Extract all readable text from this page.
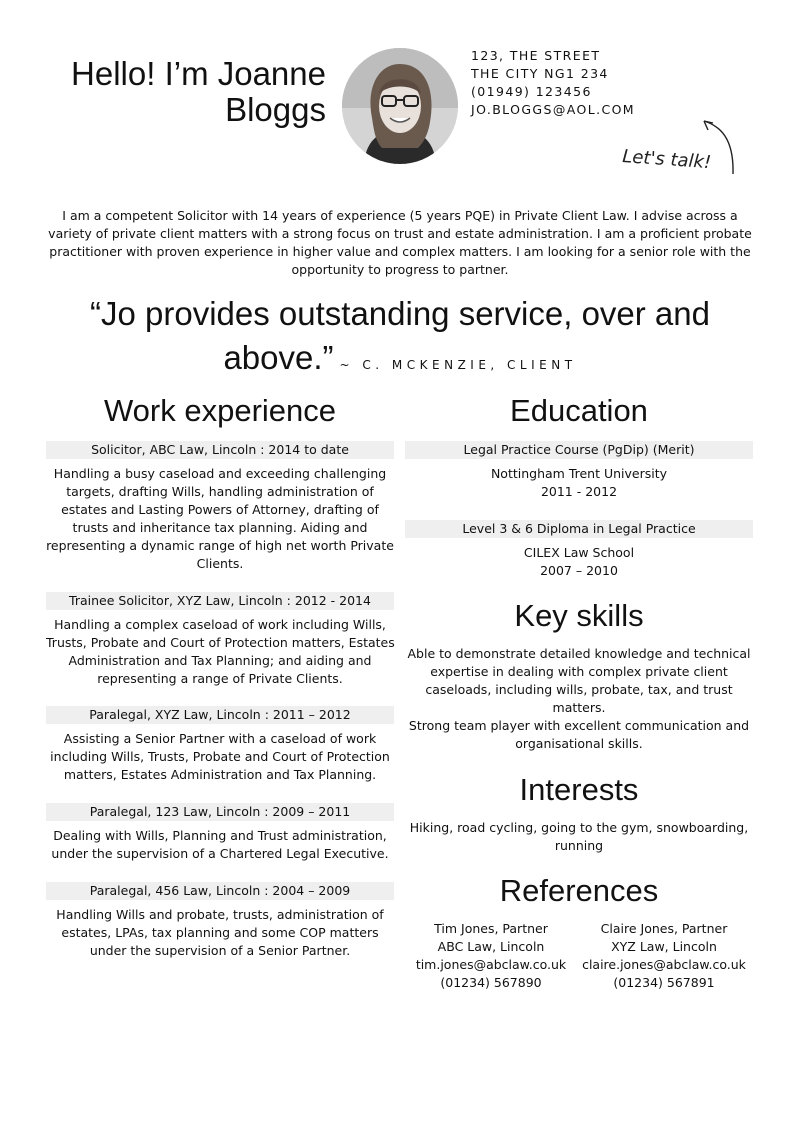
Hello! I’m Joanne
Bloggs
123, THE STREET
THE CITY NG1 234
(01949) 123456
JO.BLOGGS@AOL.COM
Let's talk!
I am a competent Solicitor with 14 years of experience (5 years PQE) in Private Client Law. I advise across a variety of private client matters with a strong focus on trust and estate administration. I am a proficient probate practitioner with proven experience in higher value and complex matters. I am looking for a senior role with the opportunity to progress to partner.
“Jo provides outstanding service, over and above.” ~ C. MCKENZIE, CLIENT
Work experience
Solicitor, ABC Law, Lincoln : 2014 to date
Handling a busy caseload and exceeding challenging
targets, drafting Wills, handling administration of
estates and Lasting Powers of Attorney, drafting of
trusts and inheritance tax planning. Aiding and
representing a dynamic range of high net worth Private
Clients.
Trainee Solicitor, XYZ Law, Lincoln : 2012 - 2014
Handling a complex caseload of work including Wills,
Trusts, Probate and Court of Protection matters, Estates
Administration and Tax Planning; and aiding and
representing a range of Private Clients.
Paralegal, XYZ Law, Lincoln : 2011 – 2012
Assisting a Senior Partner with a caseload of work
including Wills, Trusts, Probate and Court of Protection
matters, Estates Administration and Tax Planning.
Paralegal, 123 Law, Lincoln : 2009 – 2011
Dealing with Wills, Planning and Trust administration,
under the supervision of a Chartered Legal Executive.
Paralegal, 456 Law, Lincoln : 2004 – 2009
Handling Wills and probate, trusts, administration of
estates, LPAs, tax planning and some COP matters
under the supervision of a Senior Partner.
Education
Legal Practice Course (PgDip) (Merit)
Nottingham Trent University
2011 - 2012
Level 3 & 6 Diploma in Legal Practice
CILEX Law School
2007 – 2010
Key skills
Able to demonstrate detailed knowledge and technical
expertise in dealing with complex private client
caseloads, including wills, probate, tax, and trust
matters.
Strong team player with excellent communication and
organisational skills.
Interests
Hiking, road cycling, going to the gym, snowboarding,
running
References
Tim Jones, Partner
ABC Law, Lincoln
tim.jones@abclaw.co.uk
(01234) 567890
Claire Jones, Partner
XYZ Law, Lincoln
claire.jones@abclaw.co.uk
(01234) 567891
